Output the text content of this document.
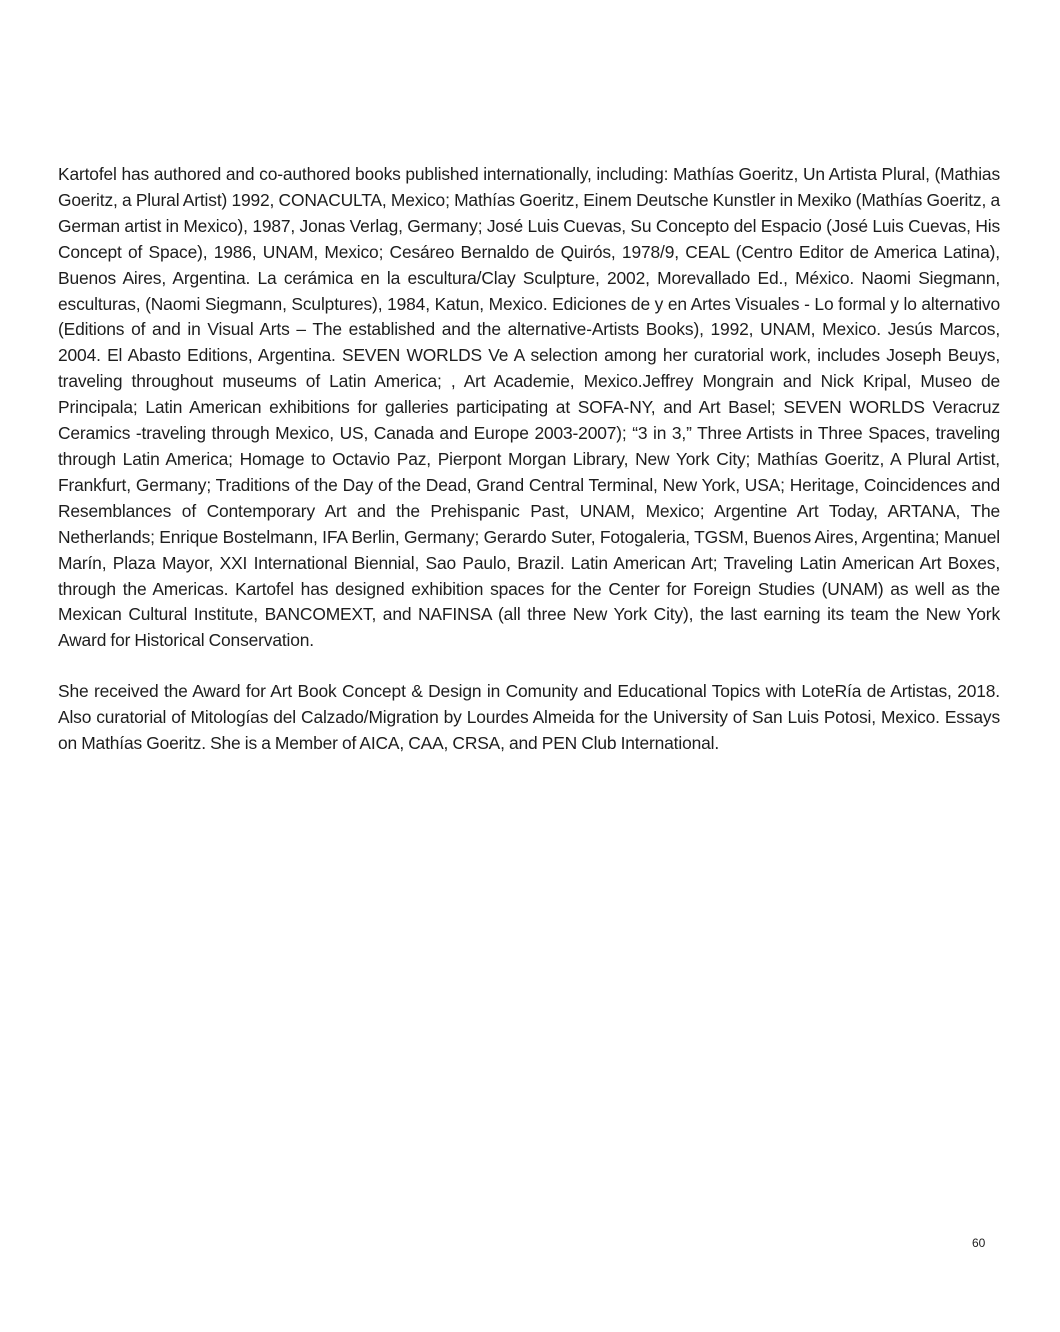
Kartofel has authored and co-authored books published internationally, including: Mathías Goeritz, Un Artista Plural, (Mathias Goeritz, a Plural Artist) 1992, CONACULTA, Mexico; Mathías Goeritz, Einem Deutsche Kunstler in Mexiko (Mathías Goeritz, a German artist in Mexico), 1987, Jonas Verlag, Germany; José Luis Cuevas, Su Concepto del Espacio (José Luis Cuevas, His Concept of Space), 1986, UNAM, Mexico; Cesáreo Bernaldo de Quirós, 1978/9, CEAL (Centro Editor de America Latina), Buenos Aires, Argentina. La cerámica en la escultura/Clay Sculpture, 2002, Morevallado Ed., México. Naomi Siegmann, esculturas, (Naomi Siegmann, Sculptures), 1984, Katun, Mexico. Ediciones de y en Artes Visuales - Lo formal y lo alternativo (Editions of and in Visual Arts – The established and the alternative-Artists Books), 1992, UNAM, Mexico. Jesús Marcos, 2004. El Abasto Editions, Argentina. SEVEN WORLDS Ve A selection among her curatorial work, includes Joseph Beuys, traveling throughout museums of Latin America; , Art Academie, Mexico.Jeffrey Mongrain and Nick Kripal, Museo de Principala; Latin American exhibitions for galleries participating at SOFA-NY, and Art Basel; SEVEN WORLDS Veracruz Ceramics -traveling through Mexico, US, Canada and Europe 2003-2007); “3 in 3,” Three Artists in Three Spaces, traveling through Latin America; Homage to Octavio Paz, Pierpont Morgan Library, New York City; Mathías Goeritz, A Plural Artist, Frankfurt, Germany; Traditions of the Day of the Dead, Grand Central Terminal, New York, USA; Heritage, Coincidences and Resemblances of Contemporary Art and the Prehispanic Past, UNAM, Mexico; Argentine Art Today, ARTANA, The Netherlands; Enrique Bostelmann, IFA Berlin, Germany; Gerardo Suter, Fotogaleria, TGSM, Buenos Aires, Argentina; Manuel Marín, Plaza Mayor, XXI International Biennial, Sao Paulo, Brazil. Latin American Art; Traveling Latin American Art Boxes, through the Americas. Kartofel has designed exhibition spaces for the Center for Foreign Studies (UNAM) as well as the Mexican Cultural Institute, BANCOMEXT, and NAFINSA (all three New York City), the last earning its team the New York Award for Historical Conservation.

She received the Award for Art Book Concept & Design in Comunity and Educational Topics with LoteRía de Artistas, 2018. Also curatorial of Mitologías del Calzado/Migration by Lourdes Almeida for the University of San Luis Potosi, Mexico. Essays on Mathías Goeritz. She is a Member of AICA, CAA, CRSA, and PEN Club International.

60
